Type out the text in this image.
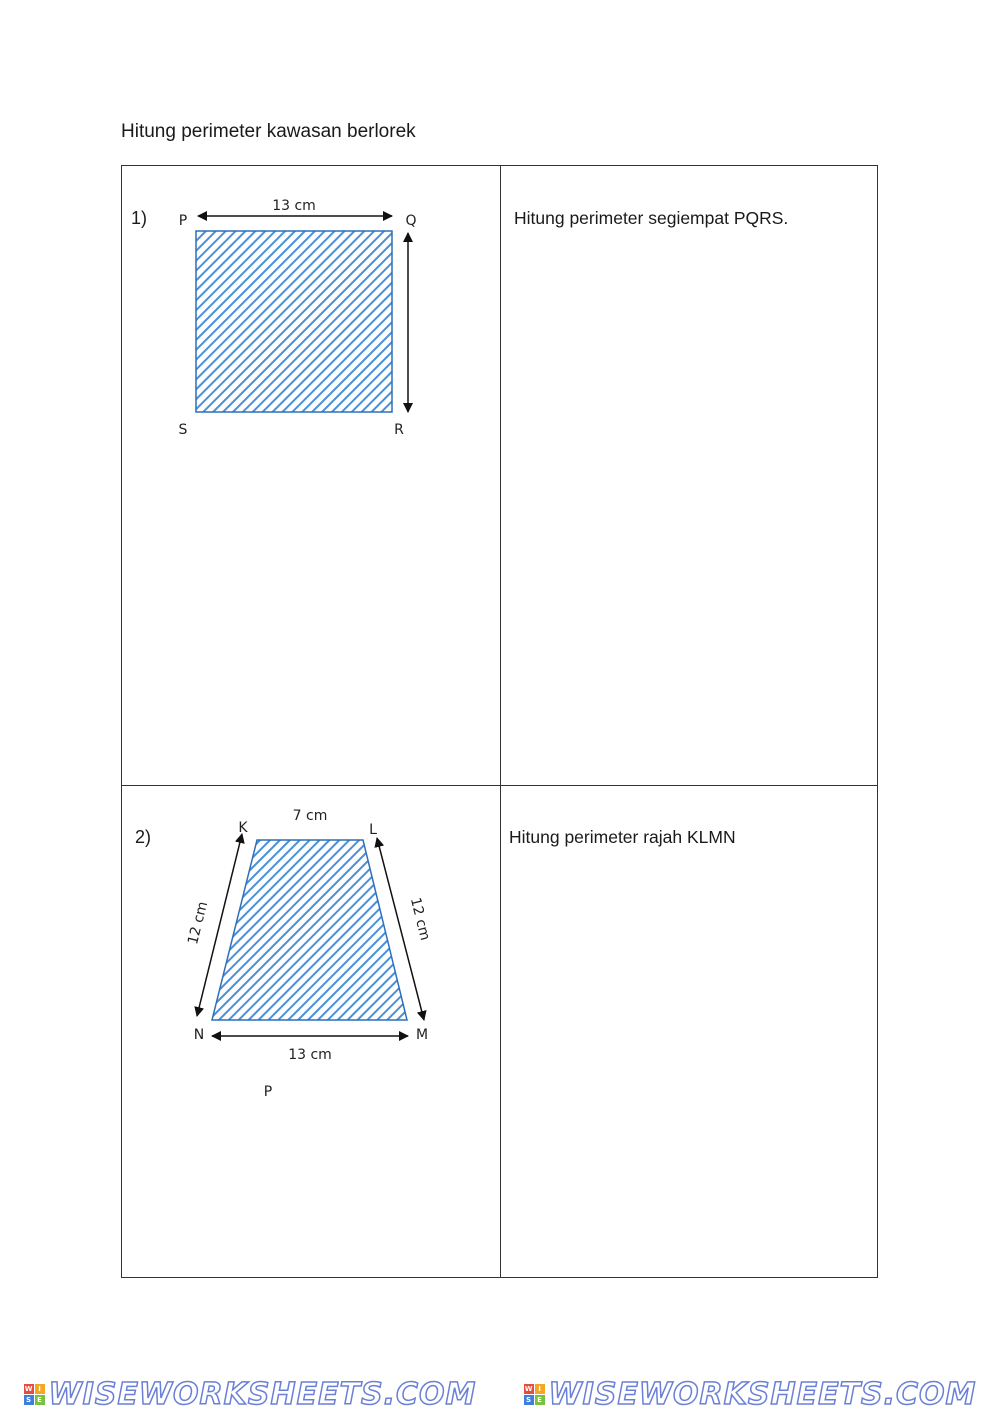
Hitung perimeter kawasan berlorek
1)	Hitung perimeter segiempat PQRS.
2)	Hitung perimeter rajah KLMN
13 cm
P	Q
S	R
7 cm
12 cm	12 cm
13 cm
K	L
M
N
P
W I
S E WISEWORKSHEETS.COM	W I
S E WISEWORKSHEETS.COM
